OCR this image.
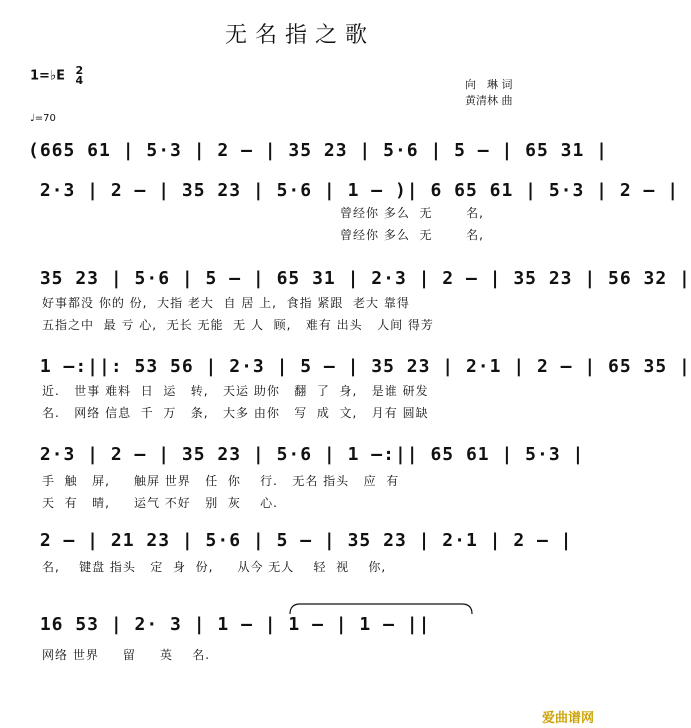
无名指之歌
1=♭E 2
4	向　琳 词
黄清林 曲
♩=70
(665 61 | 5·3 | 2 – | 35 23 | 5·6 | 5 – | 65 31 |
2·3 | 2 – | 35 23 | 5·6 | 1 – )| 6 65 61 | 5·3 | 2 – |
曾经你 多么  无       名,
曾经你 多么  无       名,
35 23 | 5·6 | 5 – | 65 31 | 2·3 | 2 – | 35 23 | 56 32 |
好事都没 你的 份,  大指 老大  自 居 上,  食指 紧跟  老大 靠得
五指之中  最 亏 心,  无长 无能  无 人  顾,   难有 出头   人间 得芳
1 –:||: 53 56 | 2·3 | 5 – | 35 23 | 2·1 | 2 – | 65 35 |
近.   世事 难料  日  运   转,   天运 助你   翻  了  身,   是谁 研发
名.   网络 信息  千  万   条,   大多 由你   写  成  文,   月有 圆缺
2·3 | 2 – | 35 23 | 5·6 | 1 –:|| 65 61 | 5·3 |
手  触   屏,     触屏 世界   任  你    行.   无名 指头   应  有
天  有   晴,     运气 不好   别  灰    心.
2 – | 21 23 | 5·6 | 5 – | 35 23 | 2·1 | 2 – |
名,    键盘 指头   定  身  份,     从今 无人    轻  视    你,
16 53 | 2· 3 | 1 – | 1 – | 1 – ||
网络 世界     留     英    名.
爱曲谱网
